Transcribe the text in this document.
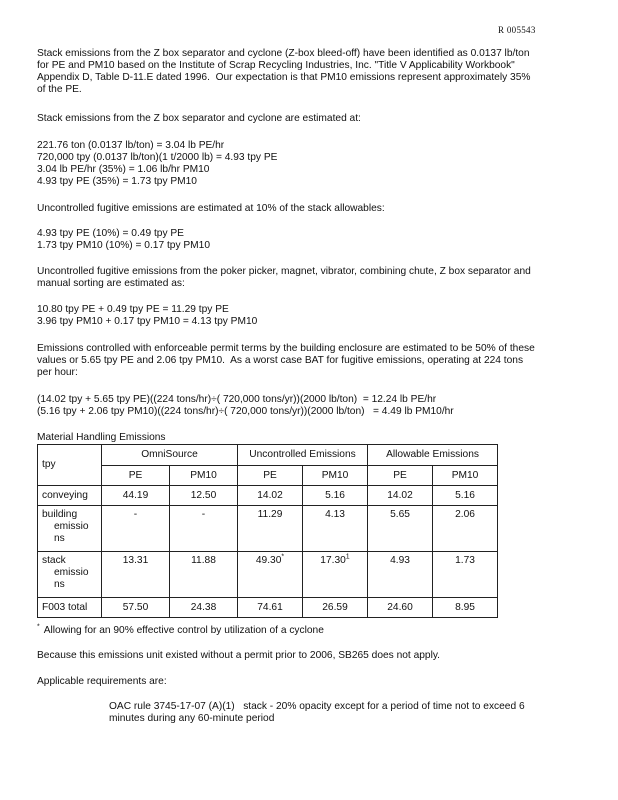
R 005543
Stack emissions from the Z box separator and cyclone (Z-box bleed-off) have been identified as 0.0137 lb/ton
for PE and PM10 based on the Institute of Scrap Recycling Industries, Inc. "Title V Applicability Workbook"
Appendix D, Table D-11.E dated 1996.  Our expectation is that PM10 emissions represent approximately 35%
of the PE.
Stack emissions from the Z box separator and cyclone are estimated at:
221.76 ton (0.0137 lb/ton) = 3.04 lb PE/hr
720,000 tpy (0.0137 lb/ton)(1 t/2000 lb) = 4.93 tpy PE
3.04 lb PE/hr (35%) = 1.06 lb/hr PM10
4.93 tpy PE (35%) = 1.73 tpy PM10
Uncontrolled fugitive emissions are estimated at 10% of the stack allowables:
4.93 tpy PE (10%) = 0.49 tpy PE
1.73 tpy PM10 (10%) = 0.17 tpy PM10
Uncontrolled fugitive emissions from the poker picker, magnet, vibrator, combining chute, Z box separator and
manual sorting are estimated as:
10.80 tpy PE + 0.49 tpy PE = 11.29 tpy PE
3.96 tpy PM10 + 0.17 tpy PM10 = 4.13 tpy PM10
Emissions controlled with enforceable permit terms by the building enclosure are estimated to be 50% of these
values or 5.65 tpy PE and 2.06 tpy PM10.  As a worst case BAT for fugitive emissions, operating at 224 tons
per hour:
(14.02 tpy + 5.65 tpy PE)((224 tons/hr)÷( 720,000 tons/yr))(2000 lb/ton)  = 12.24 lb PE/hr
(5.16 tpy + 2.06 tpy PM10)((224 tons/hr)÷( 720,000 tons/yr))(2000 lb/ton)   = 4.49 lb PM10/hr
Material Handling Emissions
tpy	OmniSource		Uncontrolled Emissions		Allowable Emissions	
	PE	PM10	PE	PM10	PE	PM10
conveying	44.19	12.50	14.02	5.16	14.02	5.16

building
emissio
ns	-	-	11.29	4.13	5.65	2.06

stack
emissio
ns	13.31	11.88	49.30*	17.30$^1$	4.93	1.73
F003 total	57.50	24.38	74.61	26.59	24.60	8.95
* Allowing for an 90% effective control by utilization of a cyclone
Because this emissions unit existed without a permit prior to 2006, SB265 does not apply.
Applicable requirements are:
OAC rule 3745-17-07 (A)(1)   stack - 20% opacity except for a period of time not to exceed 6
minutes during any 60-minute period
